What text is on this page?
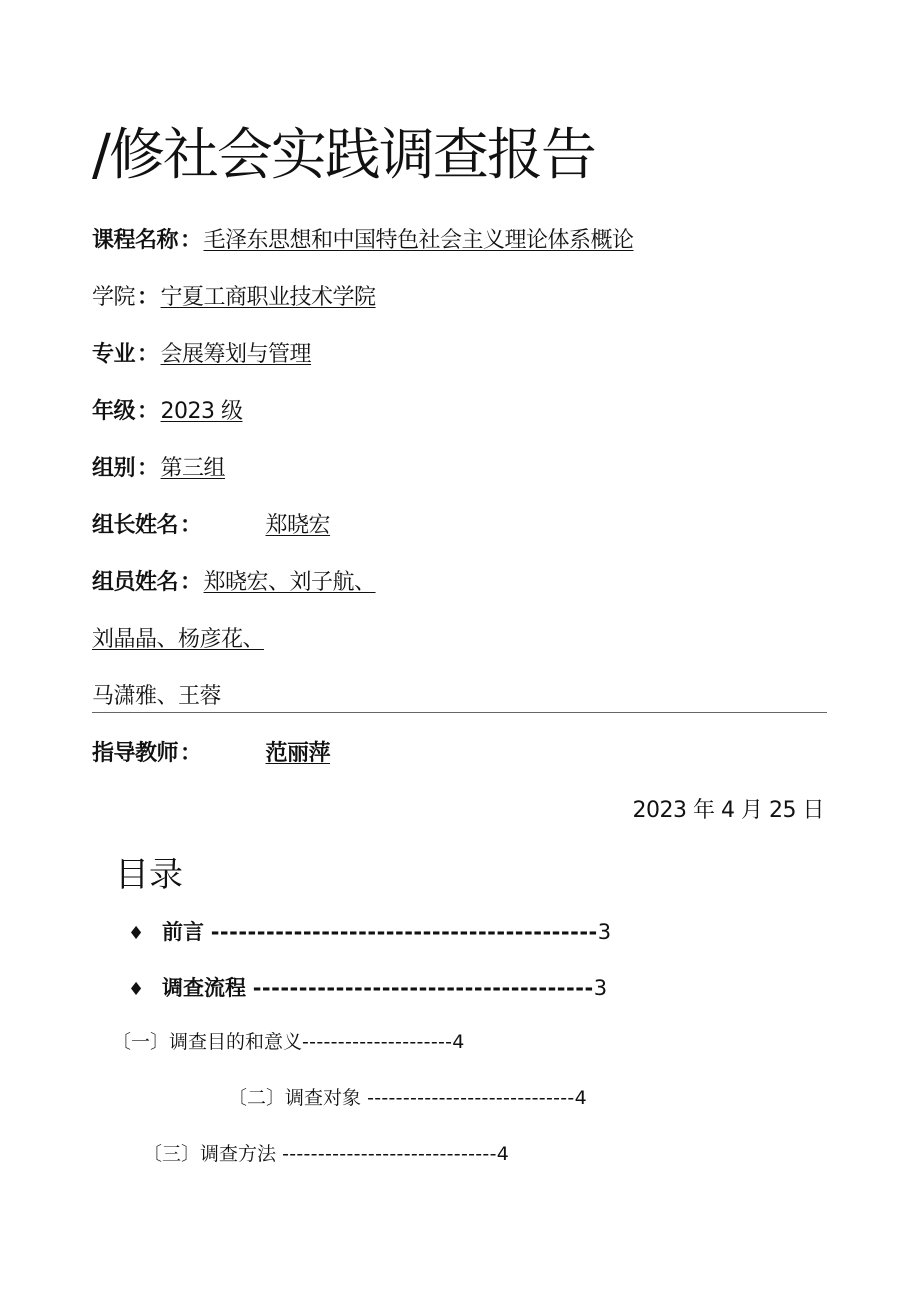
/修社会实践调查报告
课程名称：毛泽东思想和中国特色社会主义理论体系概论
学院：宁夏工商职业技术学院
专业：会展筹划与管理
年级：2023 级
组别：第三组
组长姓名：	郑晓宏
组员姓名：郑晓宏、刘子航、
刘晶晶、杨彦花、
马潇雅、王蓉
指导教师：	范丽萍
2023 年 4 月 25 日
目录
♦ 前言 ------------------------------------------3
♦ 调查流程 -------------------------------------3
〔一〕调查目的和意义---------------------4
〔二〕调查对象 -----------------------------4
〔三〕调查方法 ------------------------------4
